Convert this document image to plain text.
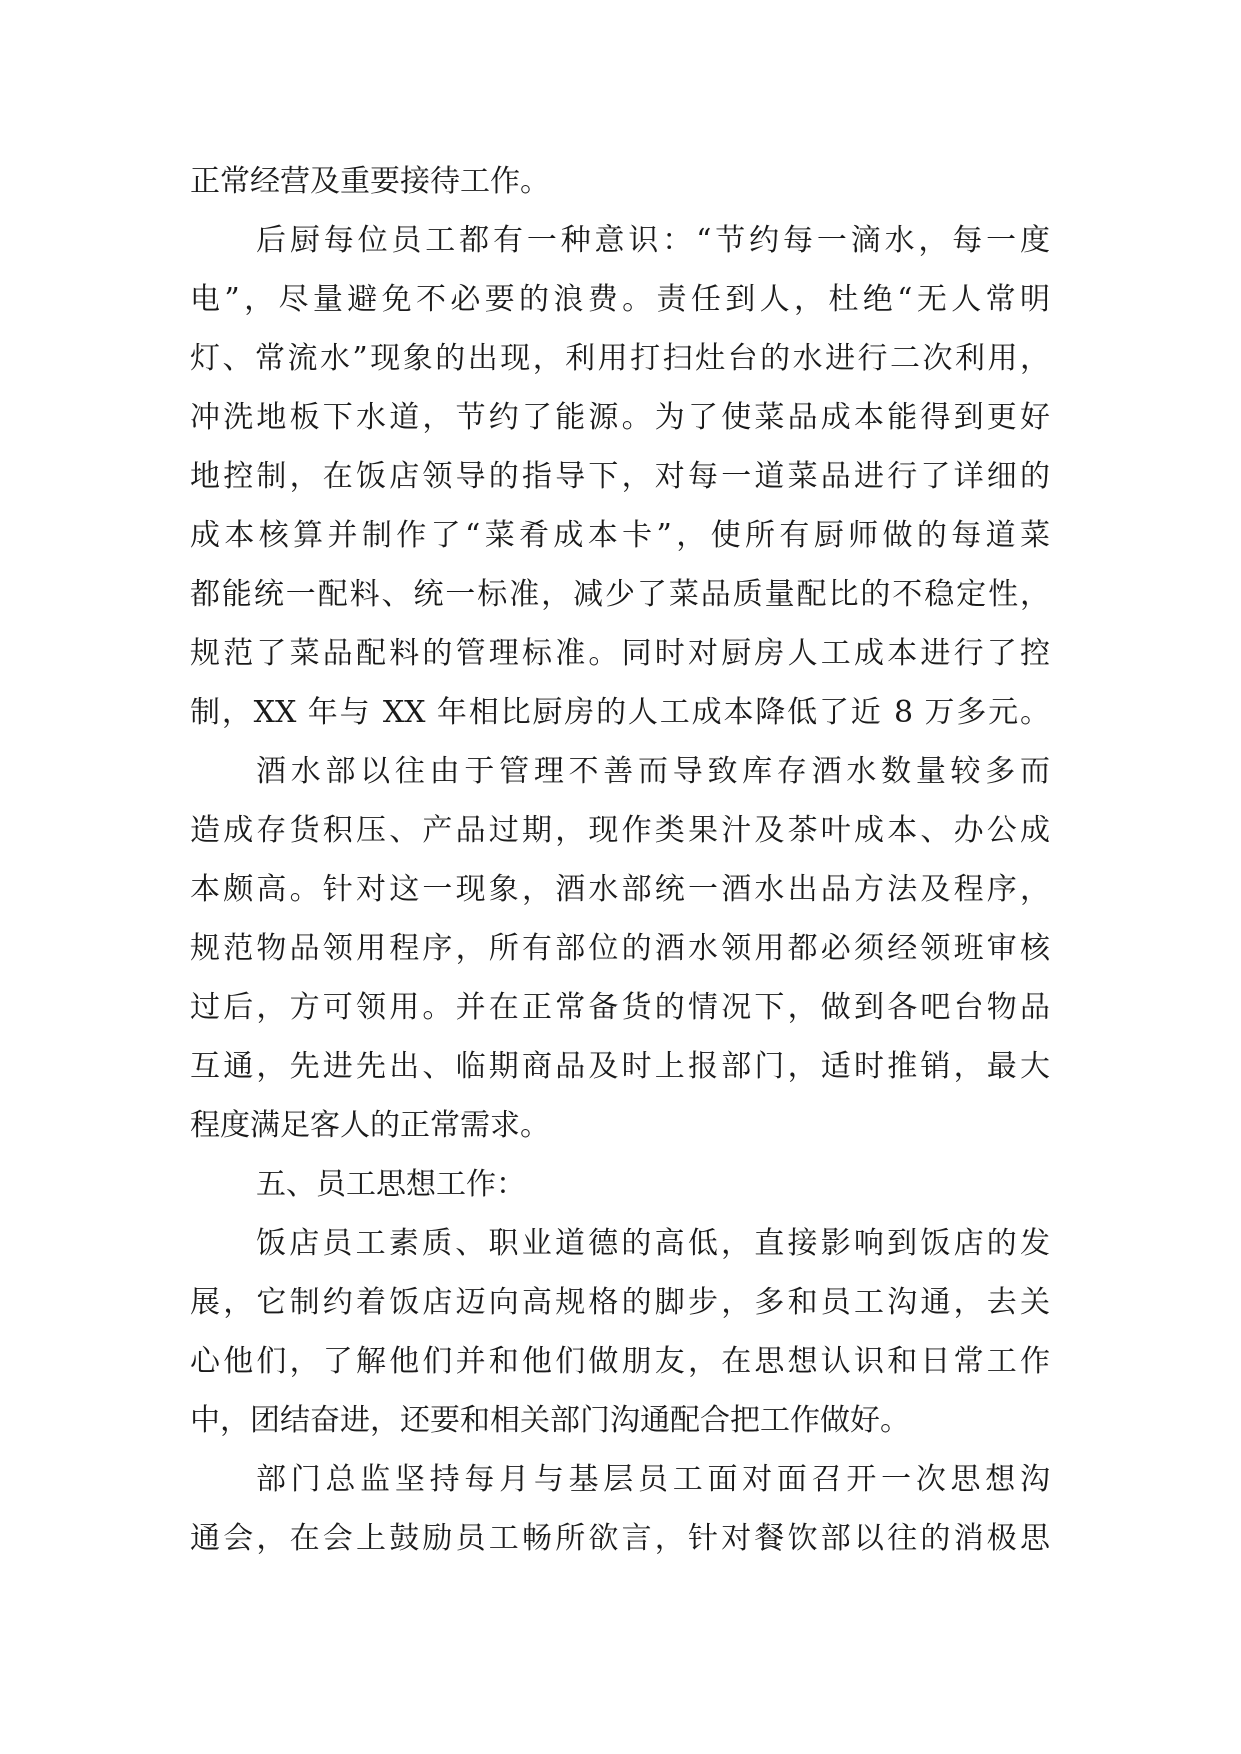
正常经营及重要接待工作。
后厨每位员工都有一种意识：“节约每一滴水，每一度
电”，尽量避免不必要的浪费。责任到人，杜绝“无人常明
灯、常流水”现象的出现，利用打扫灶台的水进行二次利用，
冲洗地板下水道，节约了能源。为了使菜品成本能得到更好
地控制，在饭店领导的指导下，对每一道菜品进行了详细的
成本核算并制作了“菜肴成本卡”，使所有厨师做的每道菜
都能统一配料、统一标准，减少了菜品质量配比的不稳定性，
规范了菜品配料的管理标准。同时对厨房人工成本进行了控
制，XX 年与 XX 年相比厨房的人工成本降低了近 8 万多元。
酒水部以往由于管理不善而导致库存酒水数量较多而
造成存货积压、产品过期，现作类果汁及茶叶成本、办公成
本颇高。针对这一现象，酒水部统一酒水出品方法及程序，
规范物品领用程序，所有部位的酒水领用都必须经领班审核
过后，方可领用。并在正常备货的情况下，做到各吧台物品
互通，先进先出、临期商品及时上报部门，适时推销，最大
程度满足客人的正常需求。
五、员工思想工作：
饭店员工素质、职业道德的高低，直接影响到饭店的发
展，它制约着饭店迈向高规格的脚步，多和员工沟通，去关
心他们，了解他们并和他们做朋友，在思想认识和日常工作
中，团结奋进，还要和相关部门沟通配合把工作做好。
部门总监坚持每月与基层员工面对面召开一次思想沟
通会，在会上鼓励员工畅所欲言，针对餐饮部以往的消极思
